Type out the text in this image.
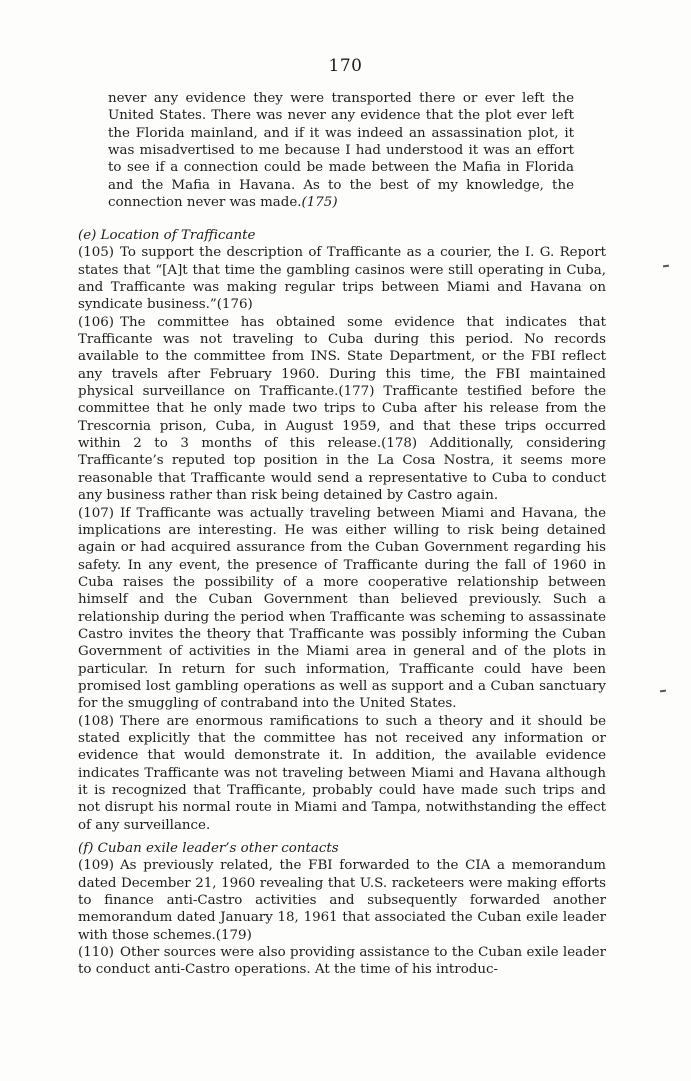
170
never any evidence they were transported there or ever left the United States. There was never any evidence that the plot ever left the Florida mainland, and if it was indeed an assassination plot, it was misadvertised to me because I had understood it was an effort to see if a connection could be made between the Mafia in Florida and the Mafia in Havana. As to the best of my knowledge, the connection never was made.(175)

(e) Location of Trafficante

(105) To support the description of Trafficante as a courier, the I. G. Report states that “[A]t that time the gambling casinos were still operating in Cuba, and Trafficante was making regular trips between Miami and Havana on syndicate business.”(176)

(106) The committee has obtained some evidence that indicates that Trafficante was not traveling to Cuba during this period. No records available to the committee from INS. State Department, or the FBI reflect any travels after February 1960. During this time, the FBI maintained physical surveillance on Trafficante.(177) Trafficante testified before the committee that he only made two trips to Cuba after his release from the Trescornia prison, Cuba, in August 1959, and that these trips occurred within 2 to 3 months of this release.(178) Additionally, considering Trafficante’s reputed top position in the La Cosa Nostra, it seems more reasonable that Trafficante would send a representative to Cuba to conduct any business rather than risk being detained by Castro again.

(107) If Trafficante was actually traveling between Miami and Havana, the implications are interesting. He was either willing to risk being detained again or had acquired assurance from the Cuban Government regarding his safety. In any event, the presence of Trafficante during the fall of 1960 in Cuba raises the possibility of a more cooperative relationship between himself and the Cuban Government than believed previously. Such a relationship during the period when Trafficante was scheming to assassinate Castro invites the theory that Trafficante was possibly informing the Cuban Government of activities in the Miami area in general and of the plots in particular. In return for such information, Trafficante could have been promised lost gambling operations as well as support and a Cuban sanctuary for the smuggling of contraband into the United States.

(108) There are enormous ramifications to such a theory and it should be stated explicitly that the committee has not received any information or evidence that would demonstrate it. In addition, the available evidence indicates Trafficante was not traveling between Miami and Havana although it is recognized that Trafficante, probably could have made such trips and not disrupt his normal route in Miami and Tampa, notwithstanding the effect of any surveillance.

(f) Cuban exile leader’s other contacts

(109) As previously related, the FBI forwarded to the CIA a memorandum dated December 21, 1960 revealing that U.S. racketeers were making efforts to finance anti-Castro activities and subsequently forwarded another memorandum dated January 18, 1961 that associated the Cuban exile leader with those schemes.(179)

(110) Other sources were also providing assistance to the Cuban exile leader to conduct anti-Castro operations. At the time of his introduc-
